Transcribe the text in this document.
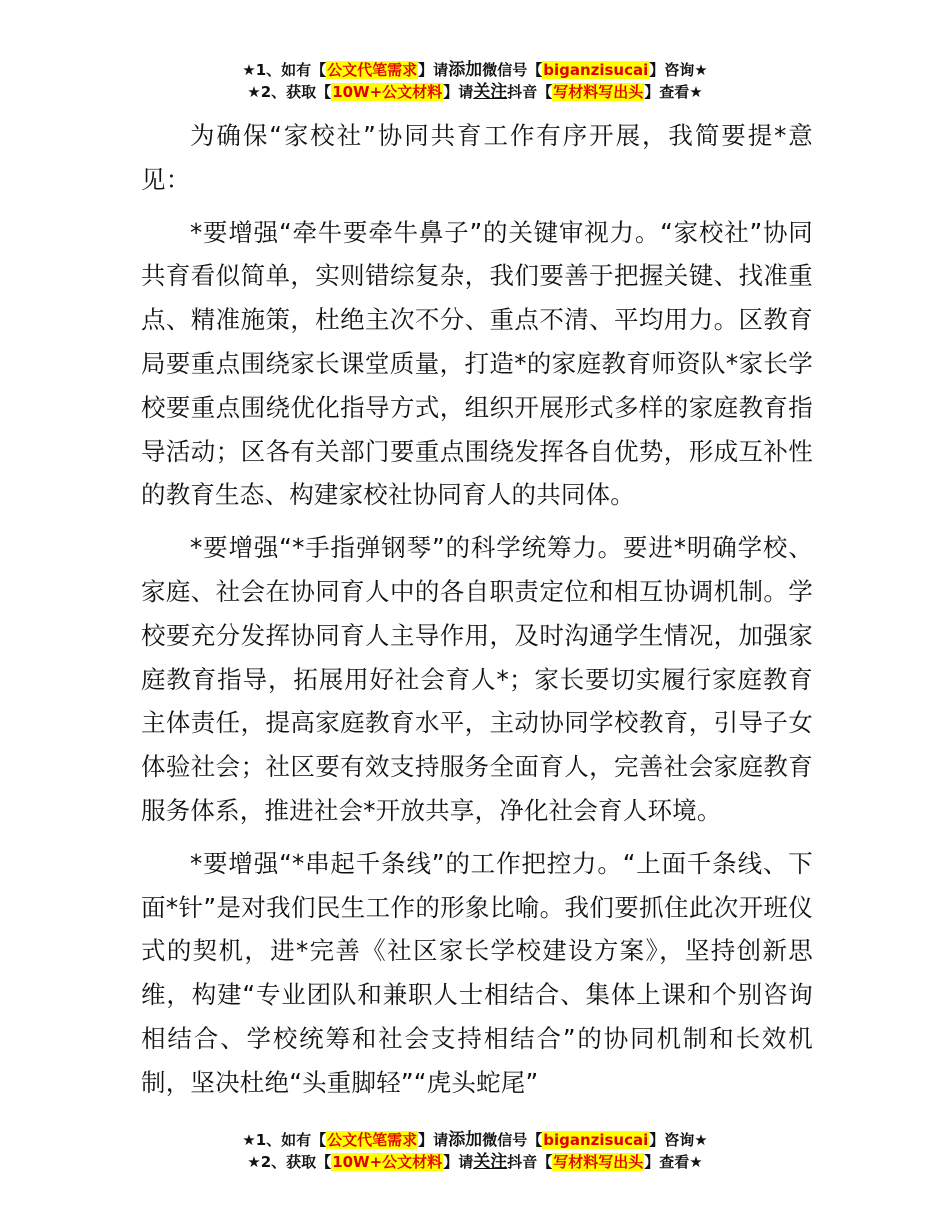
★1、如有【公文代笔需求】请添加微信号【biganzisucai】咨询★
★2、获取【10W+公文材料】请关注抖音【写材料写出头】查看★

为确保“家校社”协同共育工作有序开展，我简要提*意见：

*要增强“牵牛要牵牛鼻子”的关键审视力。“家校社”协同共育看似简单，实则错综复杂，我们要善于把握关键、找准重点、精准施策，杜绝主次不分、重点不清、平均用力。区教育局要重点围绕家长课堂质量，打造*的家庭教育师资队*家长学校要重点围绕优化指导方式，组织开展形式多样的家庭教育指导活动；区各有关部门要重点围绕发挥各自优势，形成互补性的教育生态、构建家校社协同育人的共同体。

*要增强“*手指弹钢琴”的科学统筹力。要进*明确学校、家庭、社会在协同育人中的各自职责定位和相互协调机制。学校要充分发挥协同育人主导作用，及时沟通学生情况，加强家庭教育指导，拓展用好社会育人*；家长要切实履行家庭教育主体责任，提高家庭教育水平，主动协同学校教育，引导子女体验社会；社区要有效支持服务全面育人，完善社会家庭教育服务体系，推进社会*开放共享，净化社会育人环境。

*要增强“*串起千条线”的工作把控力。“上面千条线、下面*针”是对我们民生工作的形象比喻。我们要抓住此次开班仪式的契机，进*完善《社区家长学校建设方案》，坚持创新思维，构建“专业团队和兼职人士相结合、集体上课和个别咨询相结合、学校统筹和社会支持相结合”的协同机制和长效机制，坚决杜绝“头重脚轻”“虎头蛇尾”

★1、如有【公文代笔需求】请添加微信号【biganzisucai】咨询★
★2、获取【10W+公文材料】请关注抖音【写材料写出头】查看★
